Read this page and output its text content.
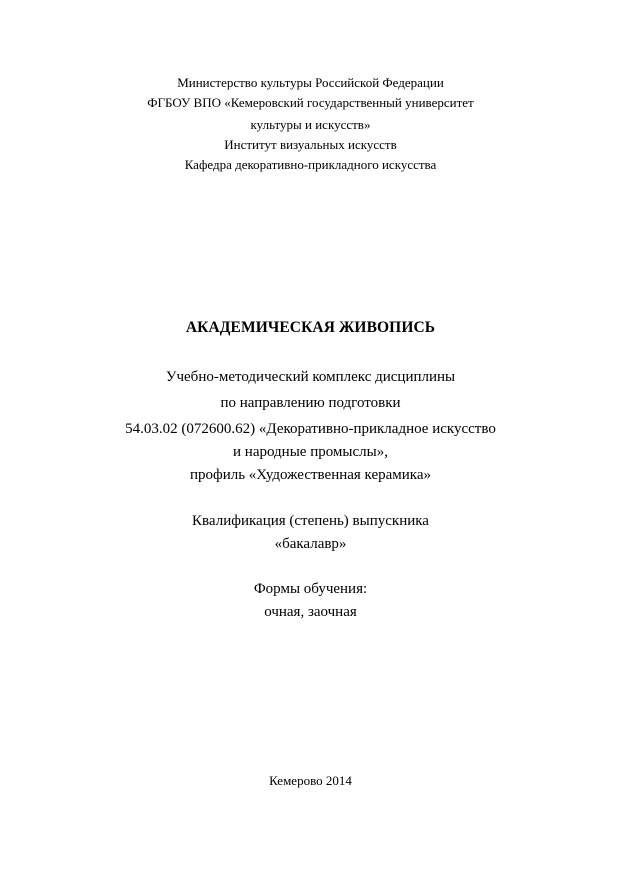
Министерство культуры Российской Федерации
ФГБОУ ВПО «Кемеровский государственный университет
культуры и искусств»
Институт визуальных искусств
Кафедра декоративно-прикладного искусства
АКАДЕМИЧЕСКАЯ ЖИВОПИСЬ
Учебно-методический комплекс дисциплины
по направлению подготовки
54.03.02 (072600.62) «Декоративно-прикладное искусство
и народные промыслы»,
профиль «Художественная керамика»
Квалификация (степень) выпускника
«бакалавр»
Формы обучения:
очная, заочная
Кемерово 2014
